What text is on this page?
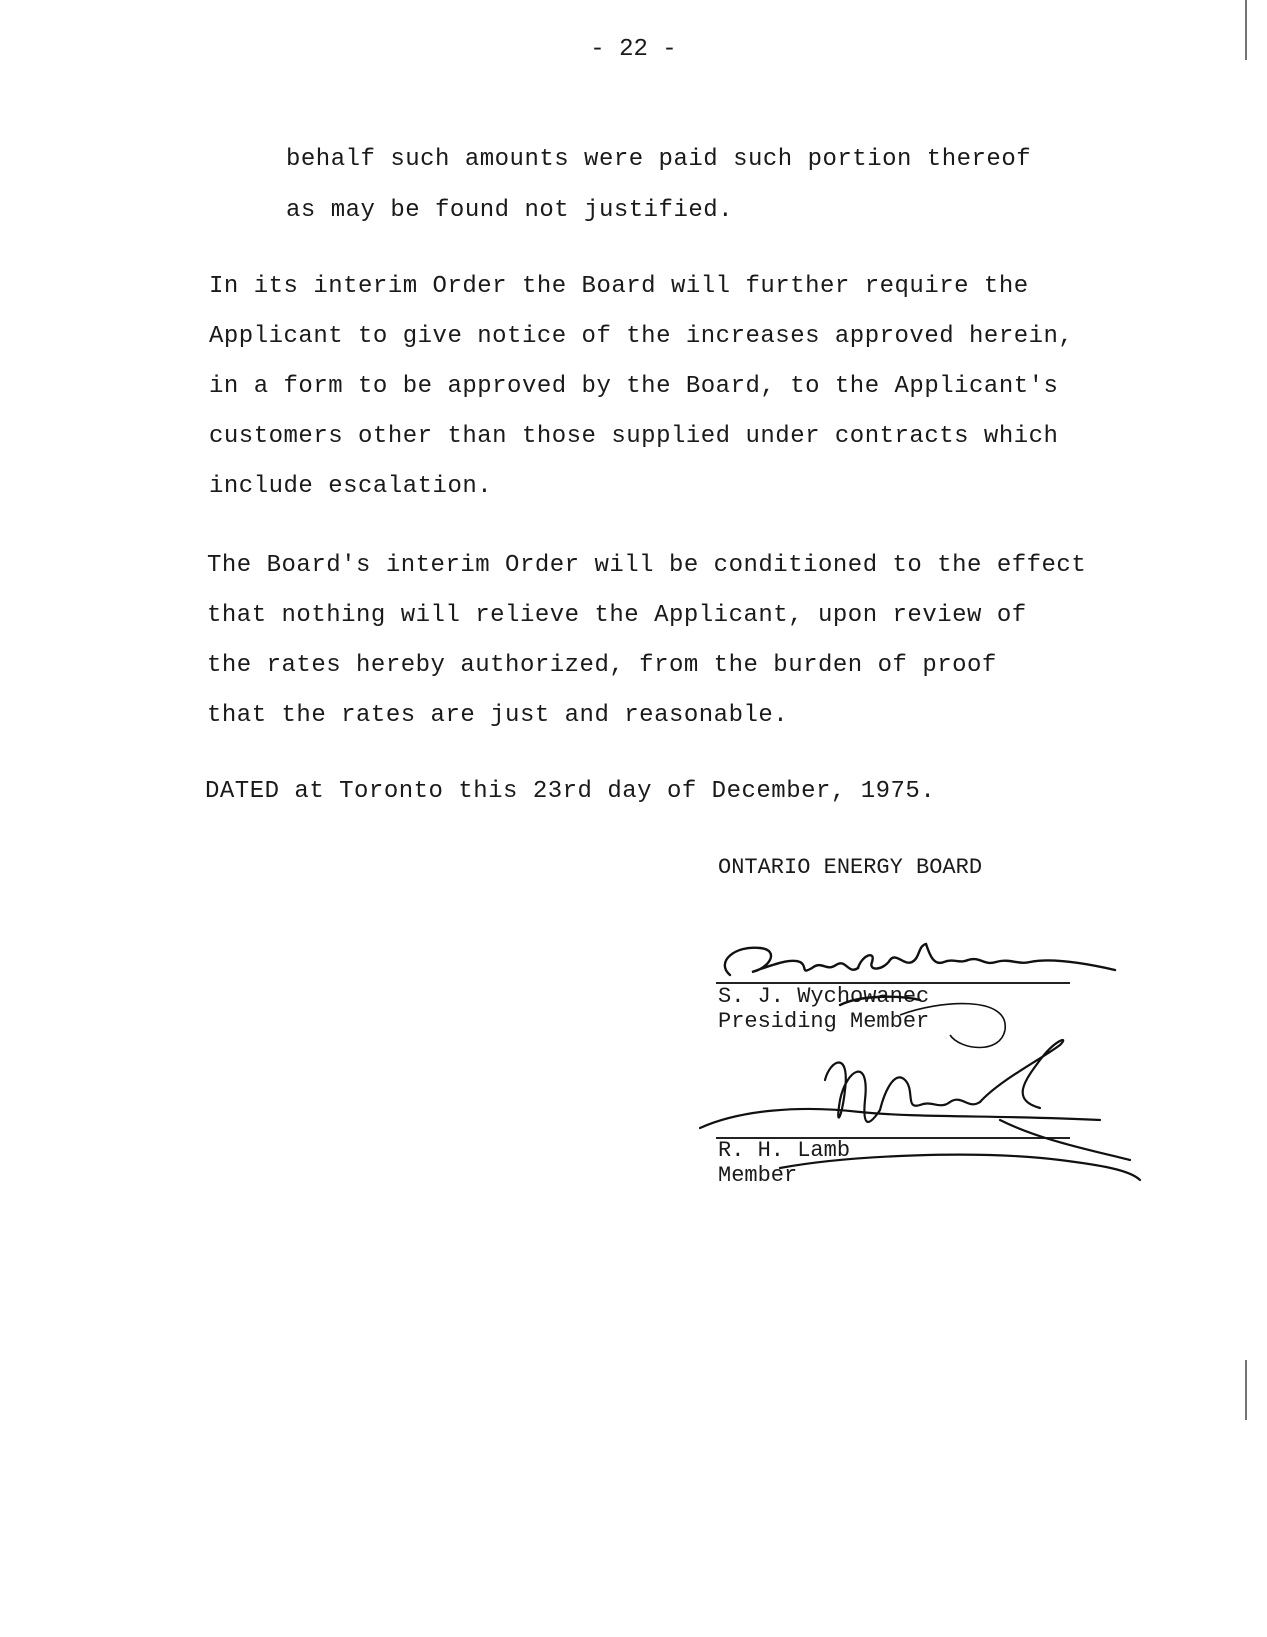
- 22 -
behalf such amounts were paid such portion thereof
as may be found not justified.
In its interim Order the Board will further require the
Applicant to give notice of the increases approved herein,
in a form to be approved by the Board, to the Applicant's
customers other than those supplied under contracts which
include escalation.
The Board's interim Order will be conditioned to the effect
that nothing will relieve the Applicant, upon review of
the rates hereby authorized, from the burden of proof
that the rates are just and reasonable.
DATED at Toronto this 23rd day of December, 1975.
ONTARIO ENERGY BOARD
S. J. Wychowanec
Presiding Member
R. H. Lamb
Member
